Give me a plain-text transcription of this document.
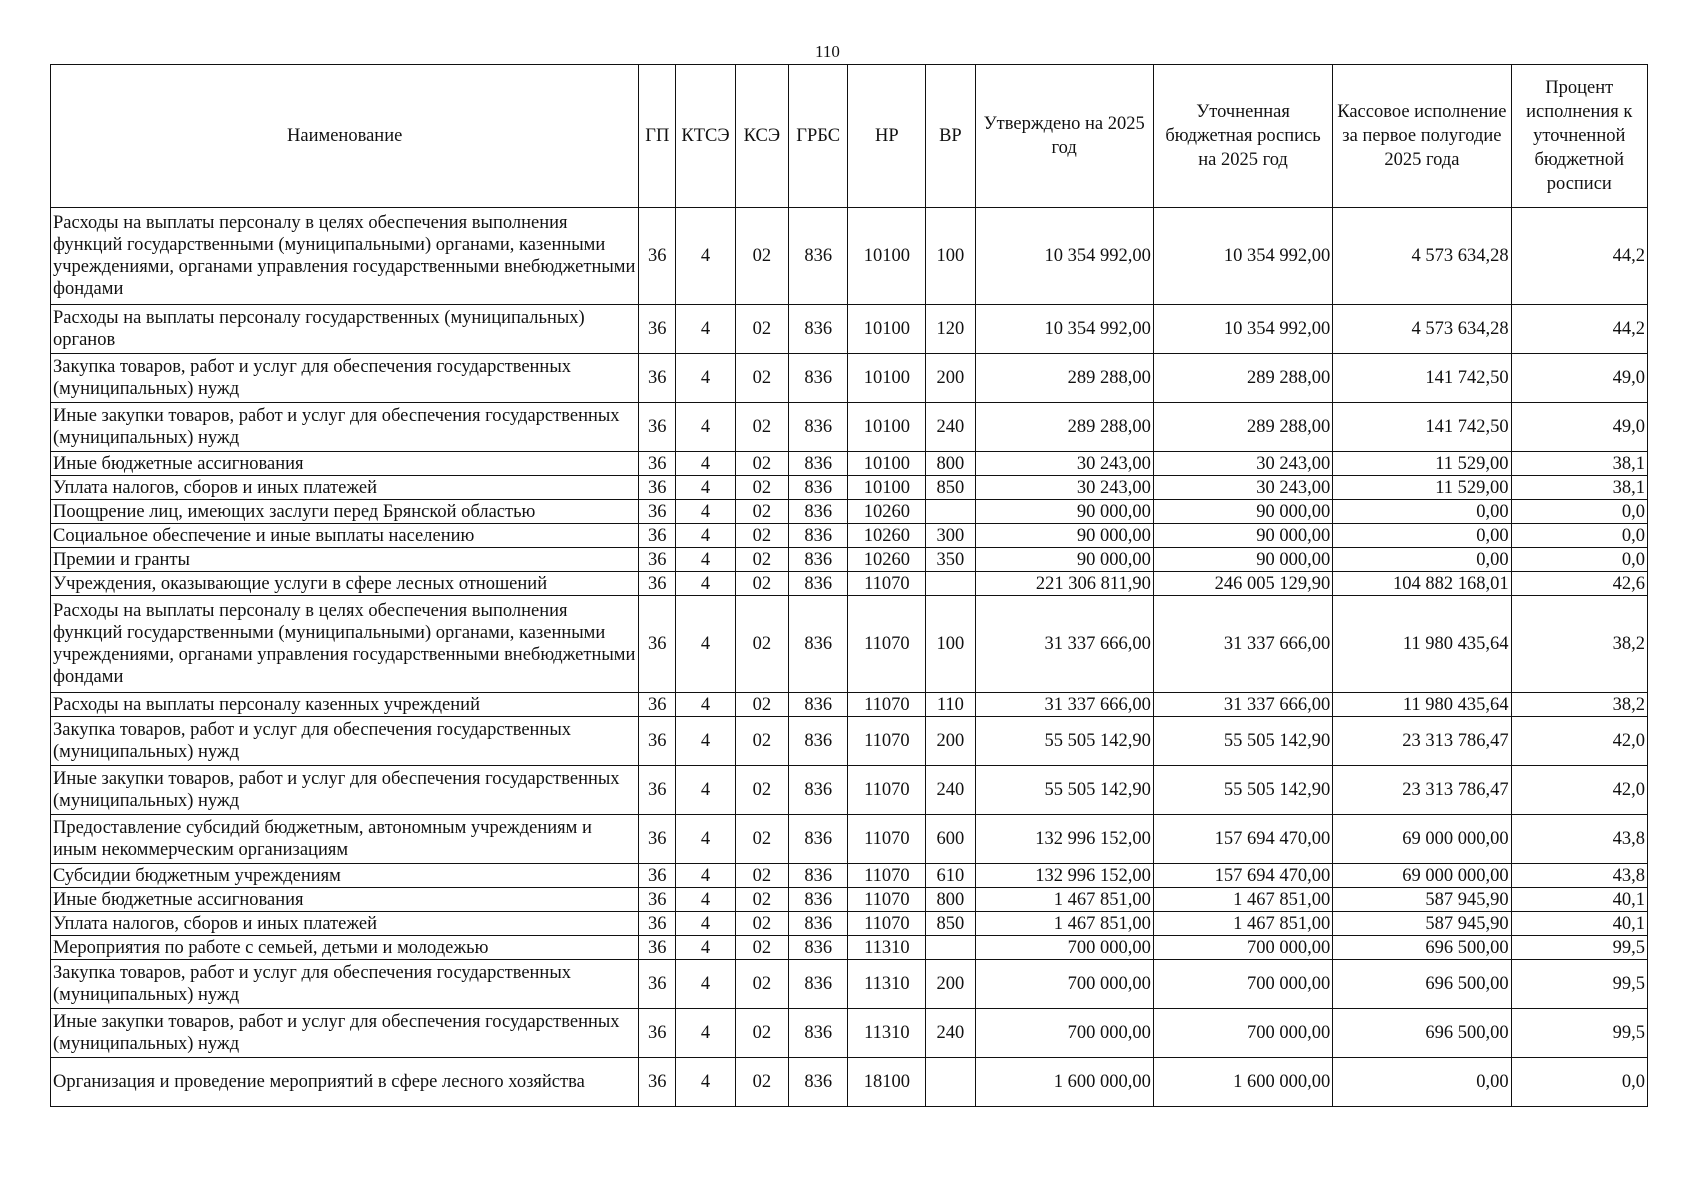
110
Наименование	ГП	КТСЭ	КСЭ	ГРБС	НР	ВР	Утверждено на 2025 год	Уточненная бюджетная роспись на 2025 год	Кассовое исполнение за первое полугодие 2025 года	Процент исполнения к уточненной бюджетной росписи
Расходы на выплаты персоналу в целях обеспечения выполнения функций государственными (муниципальными) органами, казенными учреждениями, органами управления государственными внебюджетными фондами	36	4	02	836	10100	100	10 354 992,00	10 354 992,00	4 573 634,28	44,2
Расходы на выплаты персоналу государственных (муниципальных) органов	36	4	02	836	10100	120	10 354 992,00	10 354 992,00	4 573 634,28	44,2
Закупка товаров, работ и услуг для обеспечения государственных (муниципальных) нужд	36	4	02	836	10100	200	289 288,00	289 288,00	141 742,50	49,0
Иные закупки товаров, работ и услуг для обеспечения государственных (муниципальных) нужд	36	4	02	836	10100	240	289 288,00	289 288,00	141 742,50	49,0
Иные бюджетные ассигнования	36	4	02	836	10100	800	30 243,00	30 243,00	11 529,00	38,1
Уплата налогов, сборов и иных платежей	36	4	02	836	10100	850	30 243,00	30 243,00	11 529,00	38,1
Поощрение лиц, имеющих заслуги перед Брянской областью	36	4	02	836	10260		90 000,00	90 000,00	0,00	0,0
Социальное обеспечение и иные выплаты населению	36	4	02	836	10260	300	90 000,00	90 000,00	0,00	0,0
Премии и гранты	36	4	02	836	10260	350	90 000,00	90 000,00	0,00	0,0
Учреждения, оказывающие услуги в сфере лесных отношений	36	4	02	836	11070		221 306 811,90	246 005 129,90	104 882 168,01	42,6
Расходы на выплаты персоналу в целях обеспечения выполнения функций государственными (муниципальными) органами, казенными учреждениями, органами управления государственными внебюджетными фондами	36	4	02	836	11070	100	31 337 666,00	31 337 666,00	11 980 435,64	38,2
Расходы на выплаты персоналу казенных учреждений	36	4	02	836	11070	110	31 337 666,00	31 337 666,00	11 980 435,64	38,2
Закупка товаров, работ и услуг для обеспечения государственных (муниципальных) нужд	36	4	02	836	11070	200	55 505 142,90	55 505 142,90	23 313 786,47	42,0
Иные закупки товаров, работ и услуг для обеспечения государственных (муниципальных) нужд	36	4	02	836	11070	240	55 505 142,90	55 505 142,90	23 313 786,47	42,0
Предоставление субсидий бюджетным, автономным учреждениям и иным некоммерческим организациям	36	4	02	836	11070	600	132 996 152,00	157 694 470,00	69 000 000,00	43,8
Субсидии бюджетным учреждениям	36	4	02	836	11070	610	132 996 152,00	157 694 470,00	69 000 000,00	43,8
Иные бюджетные ассигнования	36	4	02	836	11070	800	1 467 851,00	1 467 851,00	587 945,90	40,1
Уплата налогов, сборов и иных платежей	36	4	02	836	11070	850	1 467 851,00	1 467 851,00	587 945,90	40,1
Мероприятия по работе с семьей, детьми и молодежью	36	4	02	836	11310		700 000,00	700 000,00	696 500,00	99,5
Закупка товаров, работ и услуг для обеспечения государственных (муниципальных) нужд	36	4	02	836	11310	200	700 000,00	700 000,00	696 500,00	99,5
Иные закупки товаров, работ и услуг для обеспечения государственных (муниципальных) нужд	36	4	02	836	11310	240	700 000,00	700 000,00	696 500,00	99,5
Организация и проведение мероприятий в сфере лесного хозяйства	36	4	02	836	18100		1 600 000,00	1 600 000,00	0,00	0,0
